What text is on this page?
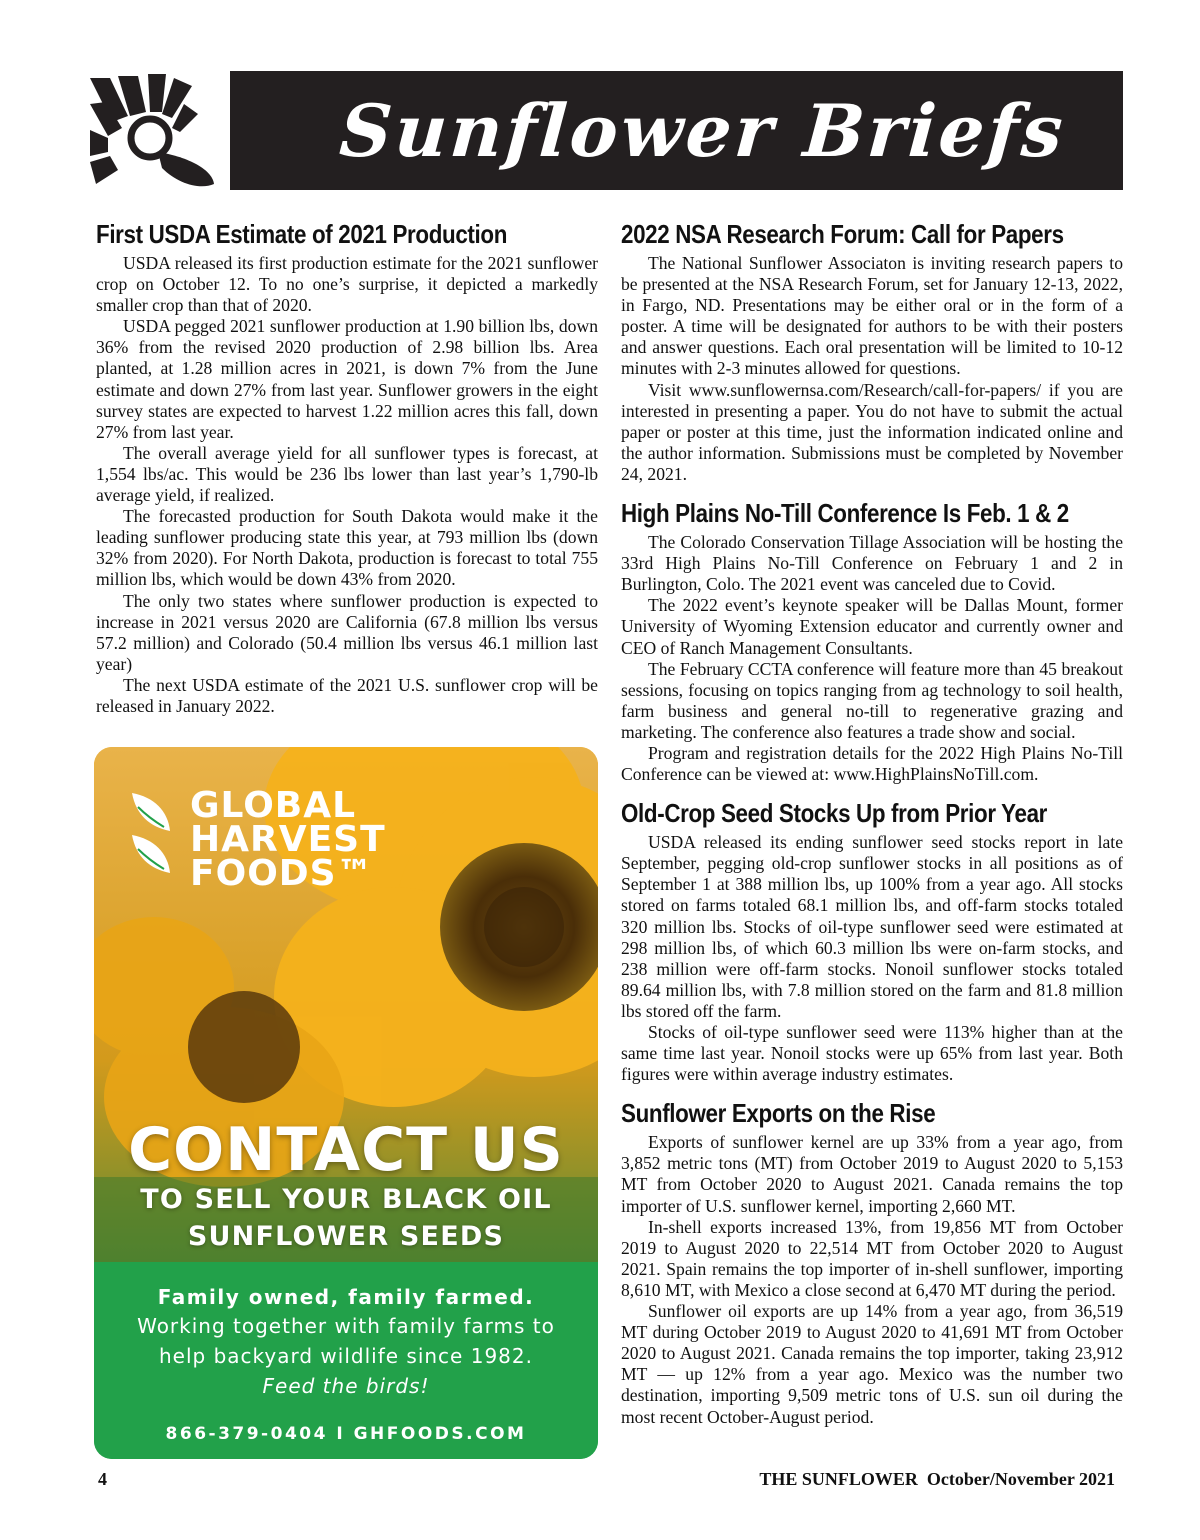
Sunflower Briefs
First USDA Estimate of 2021 Production

USDA released its first production estimate for the 2021 sunflower crop on October 12. To no one’s surprise, it depicted a markedly smaller crop than that of 2020.

USDA pegged 2021 sunflower production at 1.90 billion lbs, down 36% from the revised 2020 production of 2.98 billion lbs. Area planted, at 1.28 million acres in 2021, is down 7% from the June estimate and down 27% from last year. Sunflower growers in the eight survey states are expected to harvest 1.22 million acres this fall, down 27% from last year.

The overall average yield for all sunflower types is forecast, at 1,554 lbs/ac. This would be 236 lbs lower than last year’s 1,790-lb average yield, if realized.

The forecasted production for South Dakota would make it the leading sunflower producing state this year, at 793 million lbs (down 32% from 2020). For North Dakota, production is forecast to total 755 million lbs, which would be down 43% from 2020.

The only two states where sunflower production is expected to increase in 2021 versus 2020 are California (67.8 million lbs versus 57.2 million) and Colorado (50.4 million lbs versus 46.1 million last year)

The next USDA estimate of the 2021 U.S. sunflower crop will be released in January 2022.

GLOBAL
HARVEST
FOODS™
CONTACT US
TO SELL YOUR BLACK OIL
SUNFLOWER SEEDS
Family owned, family farmed.
Working together with family farms to
help backyard wildlife since 1982.
Feed the birds!
866-379-0404 I GHFOODS.COM
2022 NSA Research Forum: Call for Papers

The National Sunflower Associaton is inviting research papers to be presented at the NSA Research Forum, set for January 12-13, 2022, in Fargo, ND. Presentations may be either oral or in the form of a poster. A time will be designated for authors to be with their posters and answer questions. Each oral presentation will be limited to 10-12 minutes with 2-3 minutes allowed for questions.

Visit www.sunflowernsa.com/Research/call-for-papers/ if you are interested in presenting a paper. You do not have to submit the actual paper or poster at this time, just the information indicated online and the author information. Submissions must be completed by November 24, 2021.

High Plains No-Till Conference Is Feb. 1 & 2

The Colorado Conservation Tillage Association will be hosting the 33rd High Plains No-Till Conference on February 1 and 2 in Burlington, Colo. The 2021 event was canceled due to Covid.

The 2022 event’s keynote speaker will be Dallas Mount, former University of Wyoming Extension educator and currently owner and CEO of Ranch Management Consultants.

The February CCTA conference will feature more than 45 breakout sessions, focusing on topics ranging from ag technology to soil health, farm business and general no-till to regenerative grazing and marketing. The conference also features a trade show and social.

Program and registration details for the 2022 High Plains No-Till Conference can be viewed at: www.HighPlainsNoTill.com.

Old-Crop Seed Stocks Up from Prior Year

USDA released its ending sunflower seed stocks report in late September, pegging old-crop sunflower stocks in all positions as of September 1 at 388 million lbs, up 100% from a year ago. All stocks stored on farms totaled 68.1 million lbs, and off-farm stocks totaled 320 million lbs. Stocks of oil-type sunflower seed were estimated at 298 million lbs, of which 60.3 million lbs were on-farm stocks, and 238 million were off-farm stocks. Nonoil sunflower stocks totaled 89.64 million lbs, with 7.8 million stored on the farm and 81.8 million lbs stored off the farm.

Stocks of oil-type sunflower seed were 113% higher than at the same time last year. Nonoil stocks were up 65% from last year. Both figures were within average industry estimates.

Sunflower Exports on the Rise

Exports of sunflower kernel are up 33% from a year ago, from 3,852 metric tons (MT) from October 2019 to August 2020 to 5,153 MT from October 2020 to August 2021. Canada remains the top importer of U.S. sunflower kernel, importing 2,660 MT.

In-shell exports increased 13%, from 19,856 MT from October 2019 to August 2020 to 22,514 MT from October 2020 to August 2021. Spain remains the top importer of in-shell sunflower, importing 8,610 MT, with Mexico a close second at 6,470 MT during the period.

Sunflower oil exports are up 14% from a year ago, from 36,519 MT during October 2019 to August 2020 to 41,691 MT from October 2020 to August 2021. Canada remains the top importer, taking 23,912 MT — up 12% from a year ago. Mexico was the number two destination, importing 9,509 metric tons of U.S. sun oil during the most recent October-August period.

4	THE SUNFLOWER  October/November 2021
